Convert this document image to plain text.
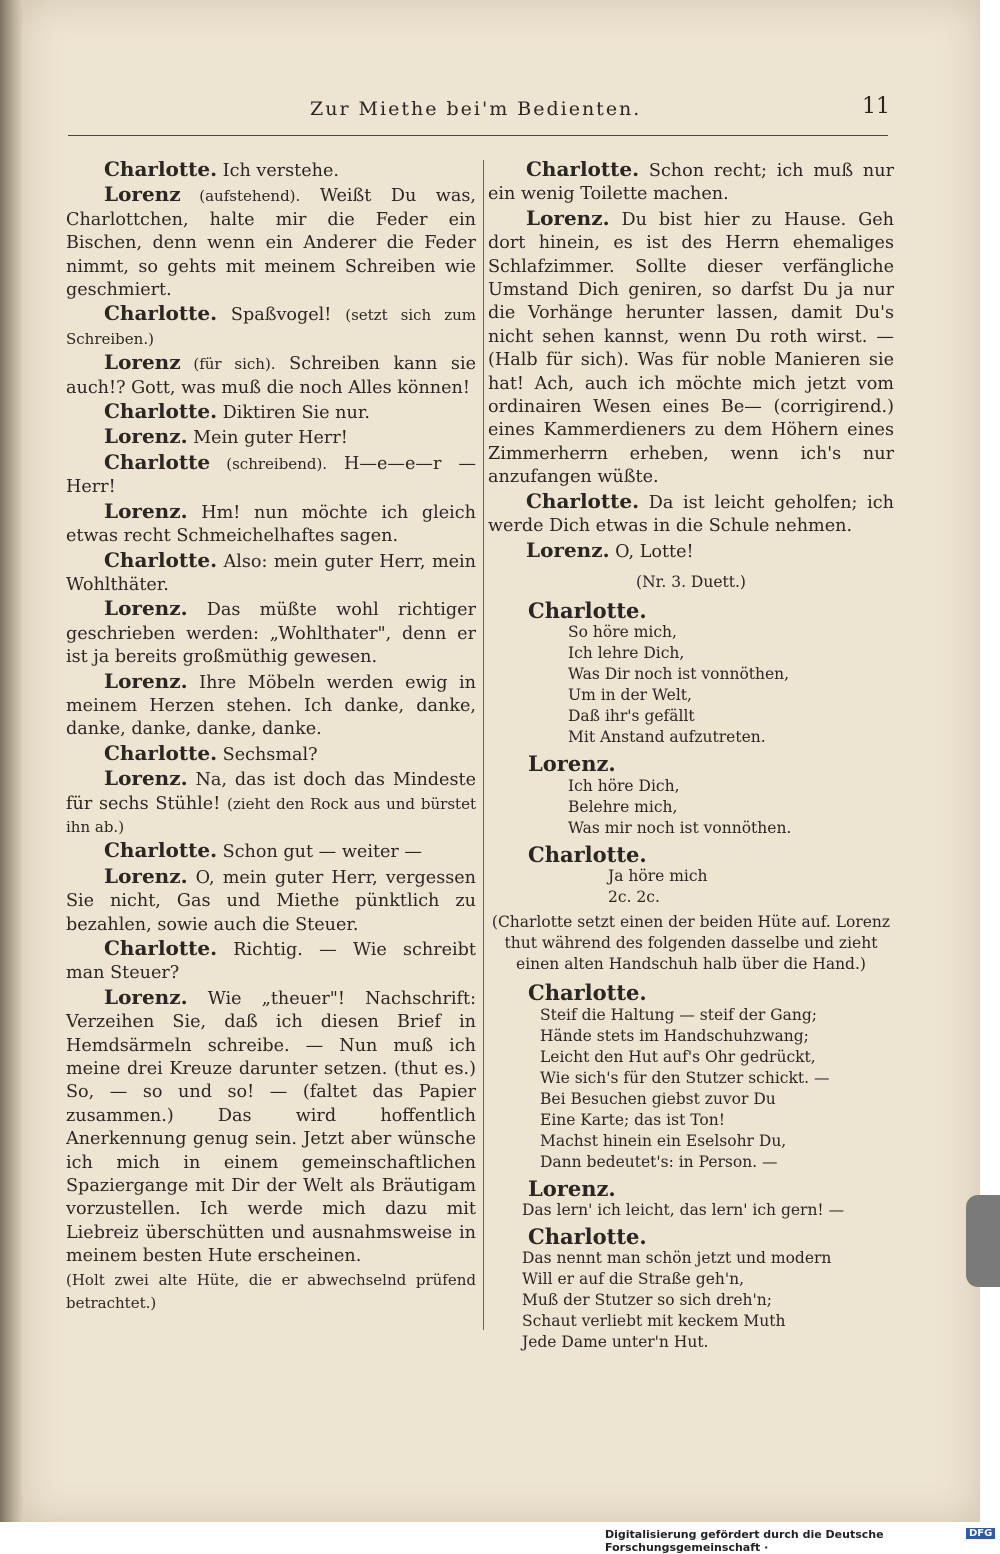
Zur Miethe bei'm Bedienten.	11

Charlotte. Ich verstehe.

Lorenz (aufstehend). Weißt Du was, Charlottchen, halte mir die Feder ein Bischen, denn wenn ein Anderer die Feder nimmt, so gehts mit meinem Schreiben wie geschmiert.

Charlotte. Spaßvogel! (setzt sich zum Schreiben.)

Lorenz (für sich). Schreiben kann sie auch!? Gott, was muß die noch Alles können!

Charlotte. Diktiren Sie nur.

Lorenz. Mein guter Herr!

Charlotte (schreibend). H—e—e—r — Herr!

Lorenz. Hm! nun möchte ich gleich etwas recht Schmeichelhaftes sagen.

Charlotte. Also: mein guter Herr, mein Wohlthäter.

Lorenz. Das müßte wohl richtiger geschrieben werden: „Wohlthater", denn er ist ja bereits großmüthig gewesen.

Lorenz. Ihre Möbeln werden ewig in meinem Herzen stehen. Ich danke, danke, danke, danke, danke, danke.

Charlotte. Sechsmal?

Lorenz. Na, das ist doch das Mindeste für sechs Stühle! (zieht den Rock aus und bürstet ihn ab.)

Charlotte. Schon gut — weiter —

Lorenz. O, mein guter Herr, vergessen Sie nicht, Gas und Miethe pünktlich zu bezahlen, sowie auch die Steuer.

Charlotte. Richtig. — Wie schreibt man Steuer?

Lorenz. Wie „theuer"! Nachschrift: Verzeihen Sie, daß ich diesen Brief in Hemdsärmeln schreibe. — Nun muß ich meine drei Kreuze darunter setzen. (thut es.) So, — so und so! — (faltet das Papier zusammen.) Das wird hoffentlich Anerkennung genug sein. Jetzt aber wünsche ich mich in einem gemeinschaftlichen Spaziergange mit Dir der Welt als Bräutigam vorzustellen. Ich werde mich dazu mit Liebreiz überschütten und ausnahmsweise in meinem besten Hute erscheinen.

(Holt zwei alte Hüte, die er abwechselnd prüfend betrachtet.)

Charlotte. Schon recht; ich muß nur ein wenig Toilette machen.

Lorenz. Du bist hier zu Hause. Geh dort hinein, es ist des Herrn ehemaliges Schlafzimmer. Sollte dieser verfängliche Umstand Dich geniren, so darfst Du ja nur die Vorhänge herunter lassen, damit Du's nicht sehen kannst, wenn Du roth wirst. — (Halb für sich). Was für noble Manieren sie hat! Ach, auch ich möchte mich jetzt vom ordinairen Wesen eines Be— (corrigirend.) eines Kammerdieners zu dem Höhern eines Zimmerherrn erheben, wenn ich's nur anzufangen wüßte.

Charlotte. Da ist leicht geholfen; ich werde Dich etwas in die Schule nehmen.

Lorenz. O, Lotte!

(Nr. 3. Duett.)

Charlotte.
So höre mich,
Ich lehre Dich,
Was Dir noch ist vonnöthen,
Um in der Welt,
Daß ihr's gefällt
Mit Anstand aufzutreten.
Lorenz.
Ich höre Dich,
Belehre mich,
Was mir noch ist vonnöthen.
Charlotte.
Ja höre mich
2c. 2c.

(Charlotte setzt einen der beiden Hüte auf. Lorenz thut während des folgenden dasselbe und zieht einen alten Handschuh halb über die Hand.)

Charlotte.
Steif die Haltung — steif der Gang;
Hände stets im Handschuhzwang;
Leicht den Hut auf's Ohr gedrückt,
Wie sich's für den Stutzer schickt. —
Bei Besuchen giebst zuvor Du
Eine Karte; das ist Ton!
Machst hinein ein Eselsohr Du,
Dann bedeutet's: in Person. —
Lorenz.
Das lern' ich leicht, das lern' ich gern! —
Charlotte.
Das nennt man schön jetzt und modern
Will er auf die Straße geh'n,
Muß der Stutzer so sich dreh'n;
Schaut verliebt mit keckem Muth
Jede Dame unter'n Hut.
Digitalisierung gefördert durch die Deutsche Forschungsgemeinschaft ·
DFG
